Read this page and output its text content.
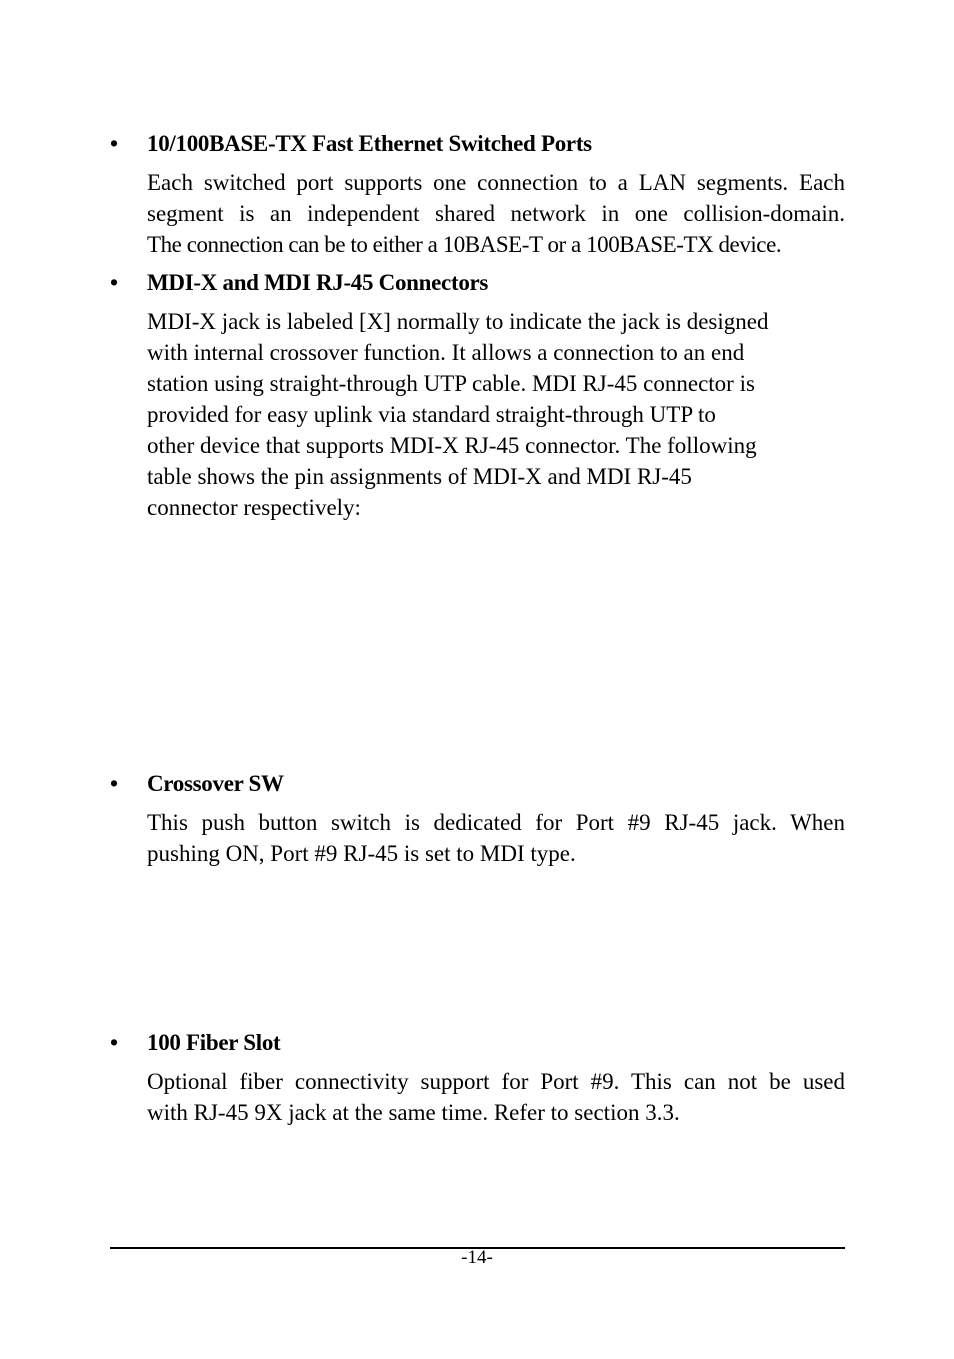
• 10/100BASE-TX Fast Ethernet Switched Ports
Each switched port supports one connection to a LAN segments. Each
segment is an independent shared network in one collision-domain.
The connection can be to either a 10BASE-T or a 100BASE-TX device.
• MDI-X and MDI RJ-45 Connectors
MDI-X jack is labeled [X] normally to indicate the jack is designed
with internal crossover function. It allows a connection to an end
station using straight-through UTP cable. MDI RJ-45 connector is
provided for easy uplink via standard straight-through UTP to
other device that supports MDI-X RJ-45 connector. The following
table shows the pin assignments of MDI-X and MDI RJ-45
connector respectively:
• Crossover SW
This push button switch is dedicated for Port #9 RJ-45 jack. When
pushing ON, Port #9 RJ-45 is set to MDI type.
• 100 Fiber Slot
Optional fiber connectivity support for Port #9. This can not be used
with RJ-45 9X jack at the same time. Refer to section 3.3.
-14-
